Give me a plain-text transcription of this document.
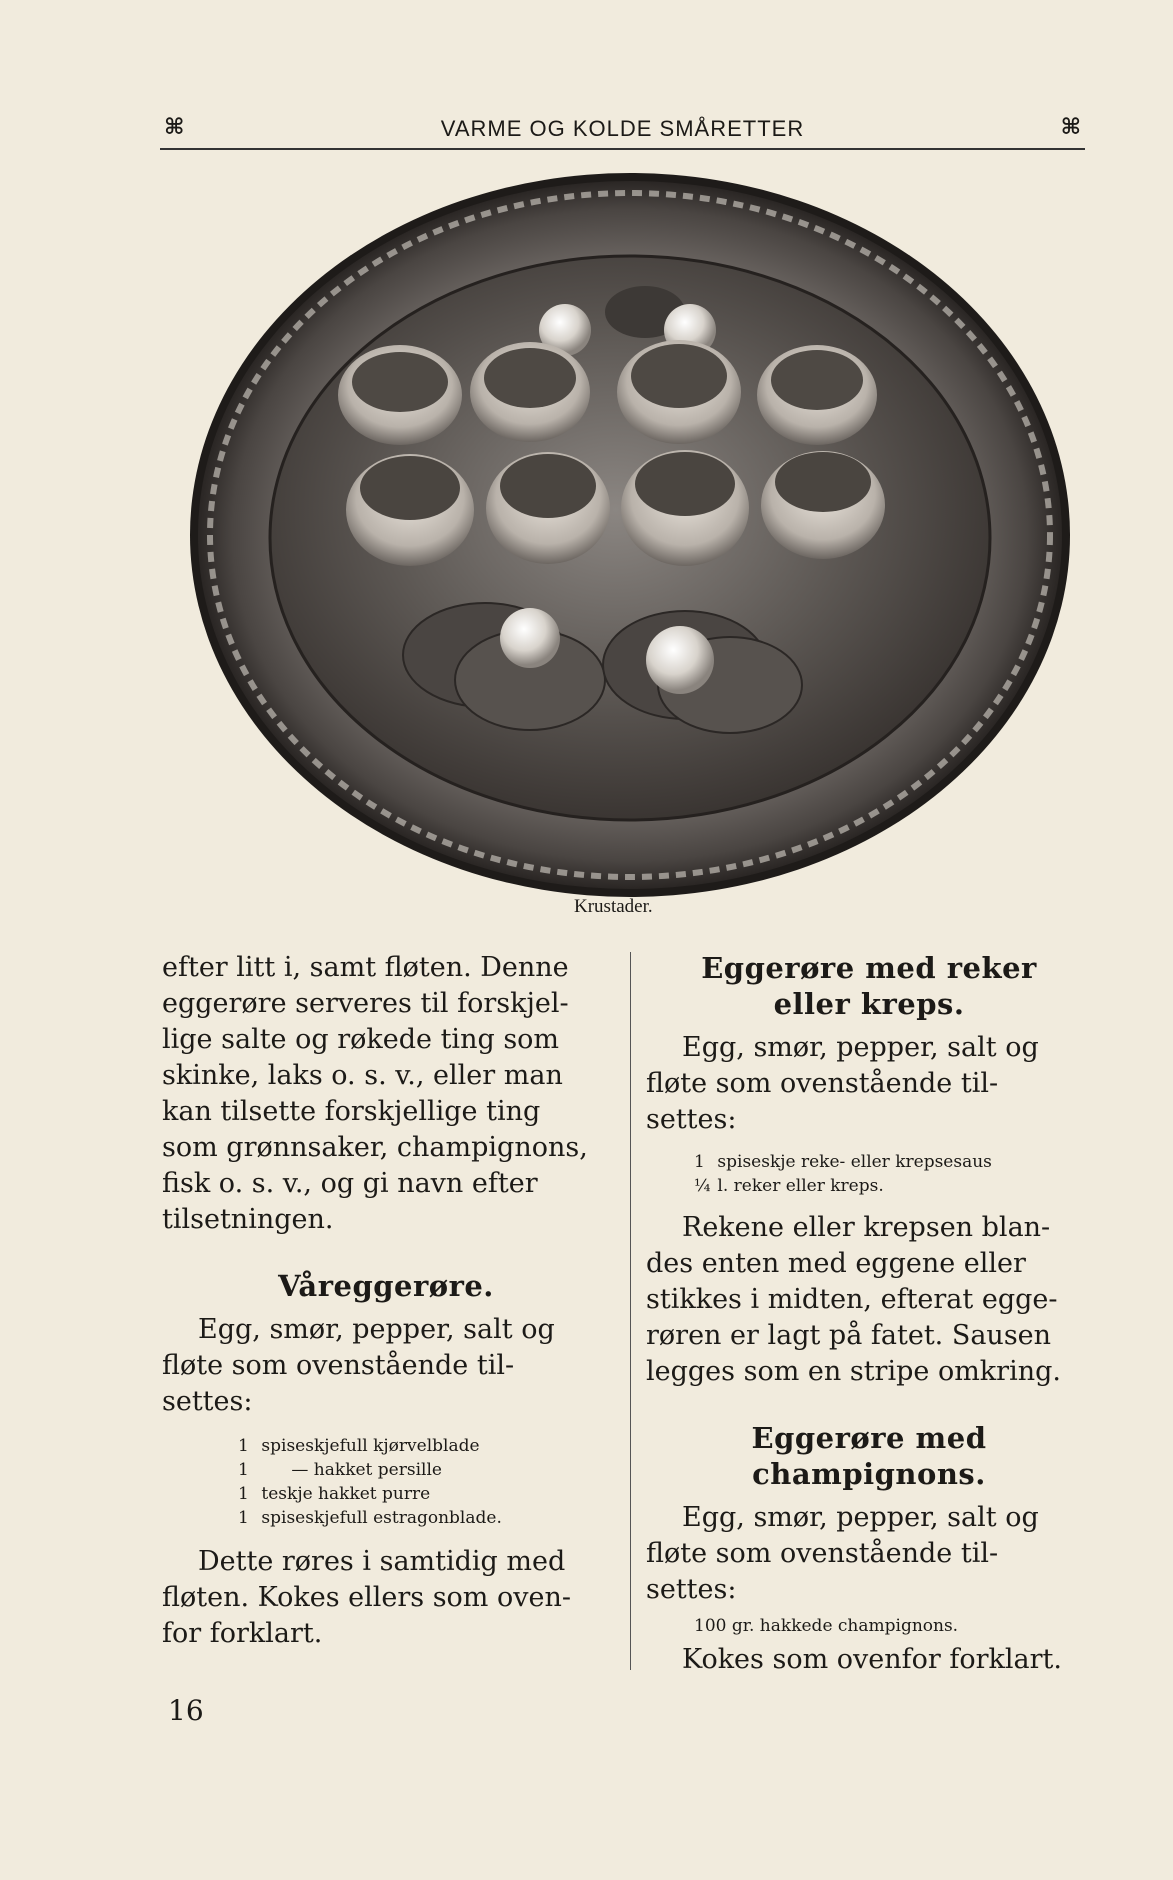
⌘	VARME OG KOLDE SMÅRETTER	⌘
Krustader.

efter litt i, samt fløten. Denne
eggerøre serveres til forskjel-
lige salte og røkede ting som
skinke, laks o. s. v., eller man
kan tilsette forskjellige ting
som grønnsaker, champignons,
fisk o. s. v., og gi navn efter
tilsetningen.

Våreggerøre.

Egg, smør, pepper, salt og

fløte som ovenstående til-
settes:

1 spiseskjefull kjørvelblade
1	— hakket persille
1 teskje hakket purre
1 spiseskjefull estragonblade.

Dette røres i samtidig med

fløten. Kokes ellers som oven-
for forklart.

Eggerøre med reker
eller kreps.

Egg, smør, pepper, salt og

fløte som ovenstående til-
settes:

1 spiseskje reke- eller krepsesaus
¼ l. reker eller kreps.

Rekene eller krepsen blan-

des enten med eggene eller
stikkes i midten, efterat egge-
røren er lagt på fatet. Sausen
legges som en stripe omkring.

Eggerøre med
champignons.

Egg, smør, pepper, salt og

fløte som ovenstående til-
settes:

100 gr. hakkede champignons.

Kokes som ovenfor forklart.

16
